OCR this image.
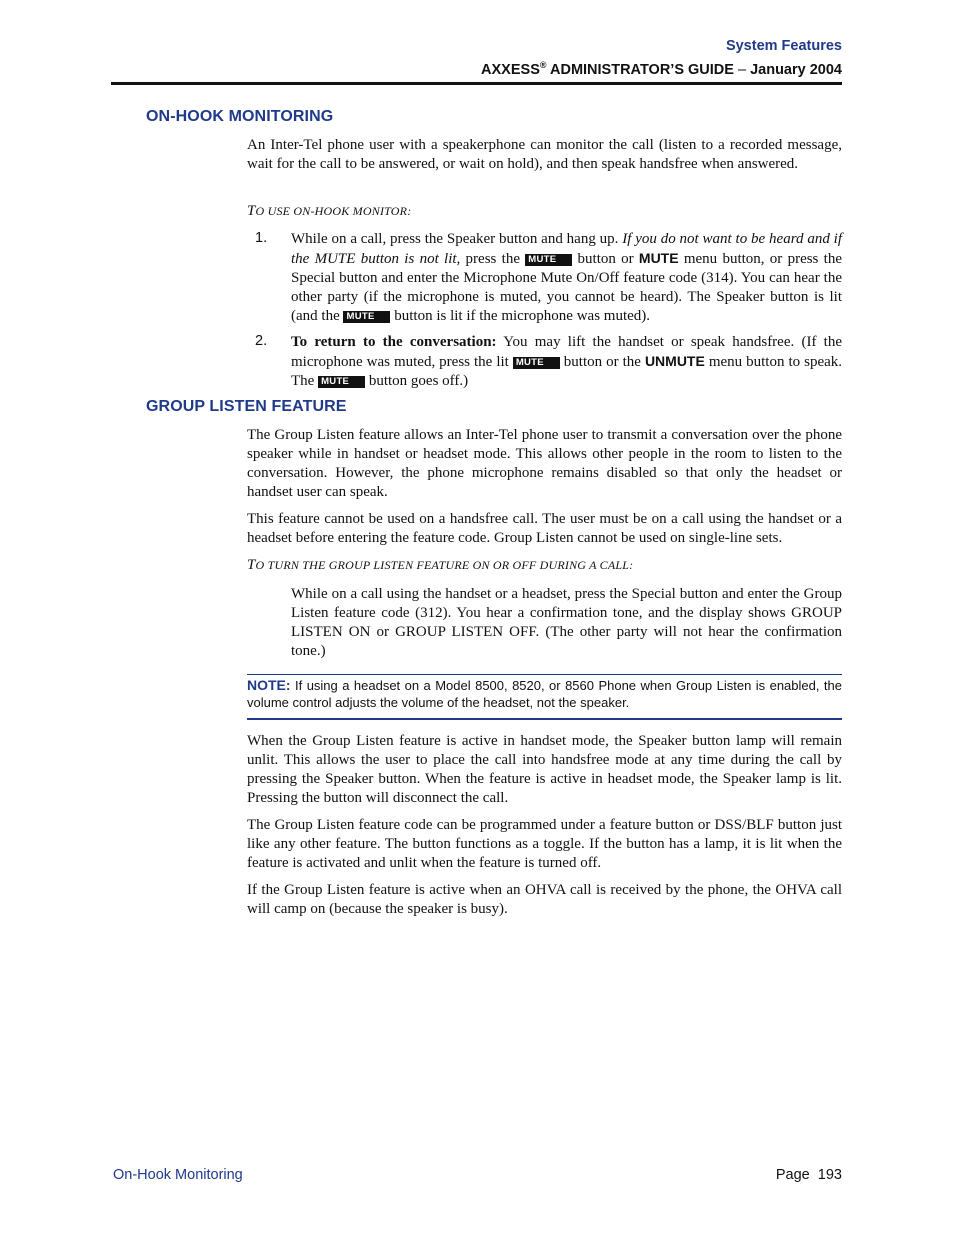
System Features
AXXESS® ADMINISTRATOR’S GUIDE – January 2004
ON-HOOK MONITORING
An Inter-Tel phone user with a speakerphone can monitor the call (listen to a recorded message, wait for the call to be answered, or wait on hold), and then speak handsfree when answered.
TO USE ON-HOOK MONITOR:
1. While on a call, press the Speaker button and hang up. If you do not want to be heard and if the MUTE button is not lit, press the MUTE button or MUTE menu button, or press the Special button and enter the Microphone Mute On/Off feature code (314). You can hear the other party (if the microphone is muted, you cannot be heard). The Speaker button is lit (and the MUTE button is lit if the microphone was muted).
2. To return to the conversation: You may lift the handset or speak handsfree. (If the microphone was muted, press the lit MUTE button or the UNMUTE menu button to speak. The MUTE button goes off.)
GROUP LISTEN FEATURE
The Group Listen feature allows an Inter-Tel phone user to transmit a conversation over the phone speaker while in handset or headset mode. This allows other people in the room to listen to the conversation. However, the phone microphone remains disabled so that only the headset or handset user can speak.
This feature cannot be used on a handsfree call. The user must be on a call using the handset or a headset before entering the feature code. Group Listen cannot be used on single-line sets.
TO TURN THE GROUP LISTEN FEATURE ON OR OFF DURING A CALL:
While on a call using the handset or a headset, press the Special button and enter the Group Listen feature code (312). You hear a confirmation tone, and the display shows GROUP LISTEN ON or GROUP LISTEN OFF. (The other party will not hear the confirmation tone.)
NOTE: If using a headset on a Model 8500, 8520, or 8560 Phone when Group Listen is enabled, the volume control adjusts the volume of the headset, not the speaker.
When the Group Listen feature is active in handset mode, the Speaker button lamp will remain unlit. This allows the user to place the call into handsfree mode at any time during the call by pressing the Speaker button. When the feature is active in headset mode, the Speaker lamp is lit. Pressing the button will disconnect the call.
The Group Listen feature code can be programmed under a feature button or DSS/BLF button just like any other feature. The button functions as a toggle. If the button has a lamp, it is lit when the feature is activated and unlit when the feature is turned off.
If the Group Listen feature is active when an OHVA call is received by the phone, the OHVA call will camp on (because the speaker is busy).
On-Hook Monitoring	Page  193
